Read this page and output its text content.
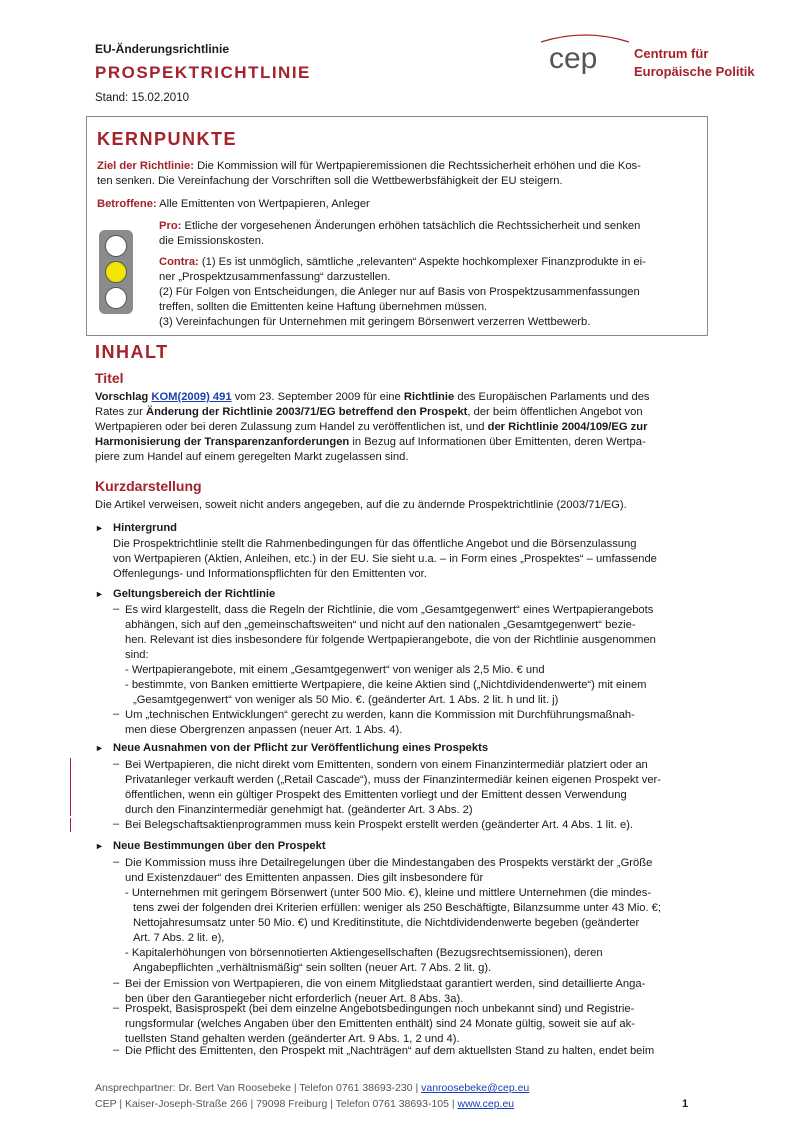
EU-Änderungsrichtlinie
PROSPEKTRICHTLINIE
Stand: 15.02.2010
cep	Centrum für
Europäische Politik
KERNPUNKTE
Ziel der Richtlinie: Die Kommission will für Wertpapieremissionen die Rechtssicherheit erhöhen und die Kos-
ten senken. Die Vereinfachung der Vorschriften soll die Wettbewerbsfähigkeit der EU steigern.
Betroffene: Alle Emittenten von Wertpapieren, Anleger
Pro: Etliche der vorgesehenen Änderungen erhöhen tatsächlich die Rechtssicherheit und senken
die Emissionskosten.
Contra: (1) Es ist unmöglich, sämtliche „relevanten“ Aspekte hochkomplexer Finanzprodukte in ei-
ner „Prospektzusammenfassung“ darzustellen.
(2) Für Folgen von Entscheidungen, die Anleger nur auf Basis von Prospektzusammenfassungen
treffen, sollten die Emittenten keine Haftung übernehmen müssen.
(3) Vereinfachungen für Unternehmen mit geringem Börsenwert verzerren Wettbewerb.
INHALT
Titel
Vorschlag KOM(2009) 491 vom 23. September 2009 für eine Richtlinie des Europäischen Parlaments und des
Rates zur Änderung der Richtlinie 2003/71/EG betreffend den Prospekt, der beim öffentlichen Angebot von
Wertpapieren oder bei deren Zulassung zum Handel zu veröffentlichen ist, und der Richtlinie 2004/109/EG zur
Harmonisierung der Transparenzanforderungen in Bezug auf Informationen über Emittenten, deren Wertpa-
piere zum Handel auf einem geregelten Markt zugelassen sind.
Kurzdarstellung
Die Artikel verweisen, soweit nicht anders angegeben, auf die zu ändernde Prospektrichtlinie (2003/71/EG).
► Hintergrund
Die Prospektrichtlinie stellt die Rahmenbedingungen für das öffentliche Angebot und die Börsenzulassung
von Wertpapieren (Aktien, Anleihen, etc.) in der EU. Sie sieht u.a. – in Form eines „Prospektes“ – umfassende
Offenlegungs- und Informationspflichten für den Emittenten vor.
► Geltungsbereich der Richtlinie
– Es wird klargestellt, dass die Regeln der Richtlinie, die vom „Gesamtgegenwert“ eines Wertpapierangebots
abhängen, sich auf den „gemeinschaftsweiten“ und nicht auf den nationalen „Gesamtgegenwert“ bezie-
hen. Relevant ist dies insbesondere für folgende Wertpapierangebote, die von der Richtlinie ausgenommen
sind:
- Wertpapierangebote, mit einem „Gesamtgegenwert“ von weniger als 2,5 Mio. € und
- bestimmte, von Banken emittierte Wertpapiere, die keine Aktien sind („Nichtdividendenwerte“) mit einem
„Gesamtgegenwert“ von weniger als 50 Mio. €. (geänderter Art. 1 Abs. 2 lit. h und lit. j)
– Um „technischen Entwicklungen“ gerecht zu werden, kann die Kommission mit Durchführungsmaßnah-
men diese Obergrenzen anpassen (neuer Art. 1 Abs. 4).
► Neue Ausnahmen von der Pflicht zur Veröffentlichung eines Prospekts
– Bei Wertpapieren, die nicht direkt vom Emittenten, sondern von einem Finanzintermediär platziert oder an
Privatanleger verkauft werden („Retail Cascade“), muss der Finanzintermediär keinen eigenen Prospekt ver-
öffentlichen, wenn ein gültiger Prospekt des Emittenten vorliegt und der Emittent dessen Verwendung
durch den Finanzintermediär genehmigt hat. (geänderter Art. 3 Abs. 2)
– Bei Belegschaftsaktienprogrammen muss kein Prospekt erstellt werden (geänderter Art. 4 Abs. 1 lit. e).
► Neue Bestimmungen über den Prospekt
– Die Kommission muss ihre Detailregelungen über die Mindestangaben des Prospekts verstärkt der „Größe
und Existenzdauer“ des Emittenten anpassen. Dies gilt insbesondere für
- Unternehmen mit geringem Börsenwert (unter 500 Mio. €), kleine und mittlere Unternehmen (die mindes-
tens zwei der folgenden drei Kriterien erfüllen: weniger als 250 Beschäftigte, Bilanzsumme unter 43 Mio. €;
Nettojahresumsatz unter 50 Mio. €) und Kreditinstitute, die Nichtdividendenwerte begeben (geänderter
Art. 7 Abs. 2 lit. e),
- Kapitalerhöhungen von börsennotierten Aktiengesellschaften (Bezugsrechtsemissionen), deren
Angabepflichten „verhältnismäßig“ sein sollten (neuer Art. 7 Abs. 2 lit. g).
– Bei der Emission von Wertpapieren, die von einem Mitgliedstaat garantiert werden, sind detaillierte Anga-
ben über den Garantiegeber nicht erforderlich (neuer Art. 8 Abs. 3a).
– Prospekt, Basisprospekt (bei dem einzelne Angebotsbedingungen noch unbekannt sind) und Registrie-
rungsformular (welches Angaben über den Emittenten enthält) sind 24 Monate gültig, soweit sie auf ak-
tuellsten Stand gehalten werden (geänderter Art. 9 Abs. 1, 2 und 4).
– Die Pflicht des Emittenten, den Prospekt mit „Nachträgen“ auf dem aktuellsten Stand zu halten, endet beim
Ansprechpartner: Dr. Bert Van Roosebeke | Telefon 0761 38693-230 | vanroosebeke@cep.eu
CEP | Kaiser-Joseph-Straße 266 | 79098 Freiburg | Telefon 0761 38693-105 | www.cep.eu	1
